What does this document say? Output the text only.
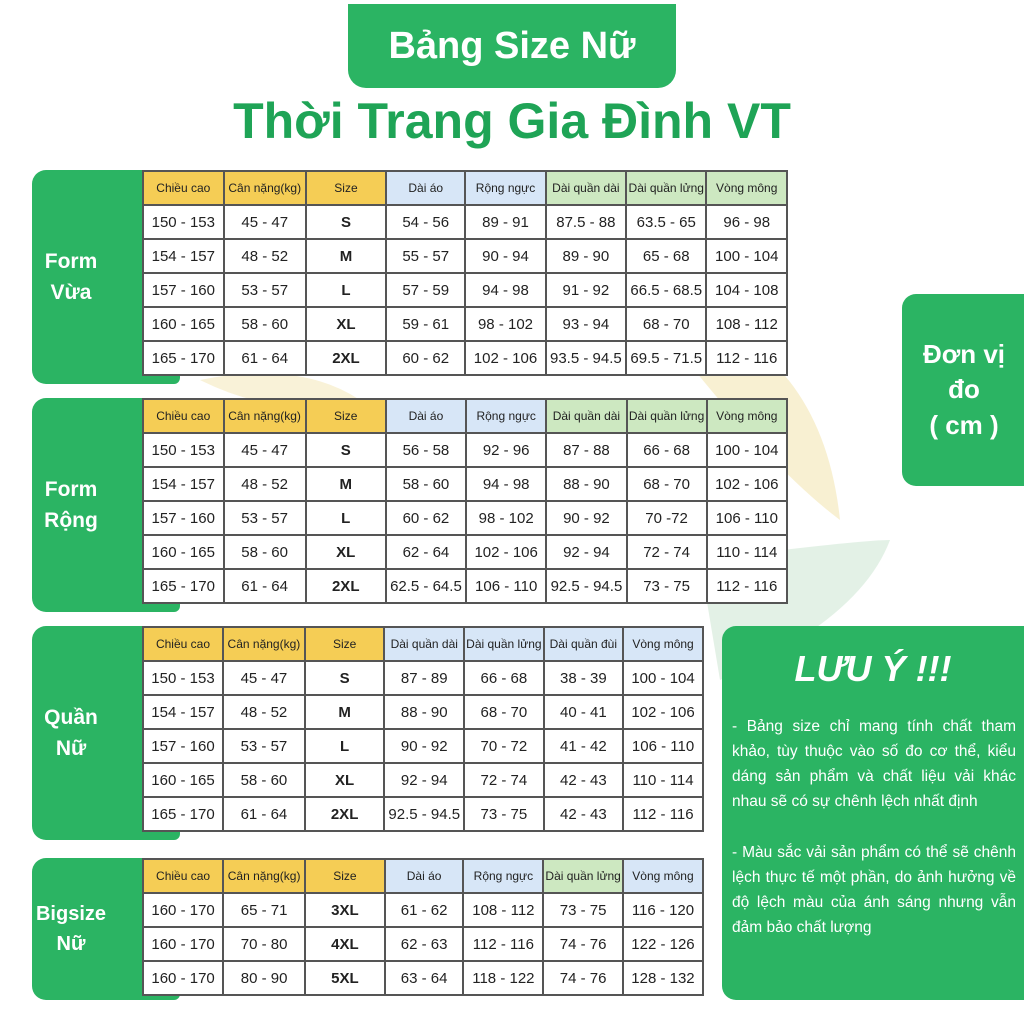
Bảng Size Nữ
Thời Trang Gia Đình VT
Form
Vừa
Chiều cao	Cân nặng(kg)	Size	Dài áo	Rộng ngực	Dài quần dài	Dài quần lửng	Vòng mông
150 - 153	45 - 47	S	54 - 56	89 - 91	87.5 - 88	63.5 - 65	96 - 98
154 - 157	48 - 52	M	55 - 57	90 - 94	89 - 90	65 - 68	100 - 104
157 - 160	53 - 57	L	57 - 59	94 - 98	91 - 92	66.5 - 68.5	104 - 108
160 - 165	58 - 60	XL	59 - 61	98 - 102	93 - 94	68 - 70	108 - 112
165 - 170	61 - 64	2XL	60 - 62	102 - 106	93.5 - 94.5	69.5 - 71.5	112 - 116
Form
Rộng
Chiều cao	Cân nặng(kg)	Size	Dài áo	Rộng ngực	Dài quần dài	Dài quần lửng	Vòng mông
150 - 153	45 - 47	S	56 - 58	92 - 96	87 - 88	66 - 68	100 - 104
154 - 157	48 - 52	M	58 - 60	94 - 98	88 - 90	68 - 70	102 - 106
157 - 160	53 - 57	L	60 - 62	98 - 102	90 - 92	70 -72	106 - 110
160 - 165	58 - 60	XL	62 - 64	102 - 106	92 - 94	72 - 74	110 - 114
165 - 170	61 - 64	2XL	62.5 - 64.5	106 - 110	92.5 - 94.5	73 - 75	112 - 116
Quần
Nữ
Chiều cao	Cân nặng(kg)	Size	Dài quần dài	Dài quần lửng	Dài quần đùi	Vòng mông
150 - 153	45 - 47	S	87 - 89	66 - 68	38 - 39	100 - 104
154 - 157	48 - 52	M	88 - 90	68 - 70	40 - 41	102 - 106
157 - 160	53 - 57	L	90 - 92	70 - 72	41 - 42	106 - 110
160 - 165	58 - 60	XL	92 - 94	72 - 74	42 - 43	110 - 114
165 - 170	61 - 64	2XL	92.5 - 94.5	73 - 75	42 - 43	112 - 116
Bigsize
Nữ
Chiều cao	Cân nặng(kg)	Size	Dài áo	Rộng ngực	Dài quần lửng	Vòng mông
160 - 170	65 - 71	3XL	61 - 62	108 - 112	73 - 75	116 - 120
160 - 170	70 - 80	4XL	62 - 63	112 - 116	74 - 76	122 - 126
160 - 170	80 - 90	5XL	63 - 64	118 - 122	74 - 76	128 - 132
Đơn vị
đo
( cm )
LƯU Ý !!!

- Bảng size chỉ mang tính chất tham khảo, tùy thuộc vào số đo cơ thể, kiểu dáng sản phẩm và chất liệu vải khác nhau sẽ có sự chênh lệch nhất định

- Màu sắc vải sản phẩm có thể sẽ chênh lệch thực tế một phần, do ảnh hưởng về độ lệch màu của ánh sáng nhưng vẫn đảm bảo chất lượng
